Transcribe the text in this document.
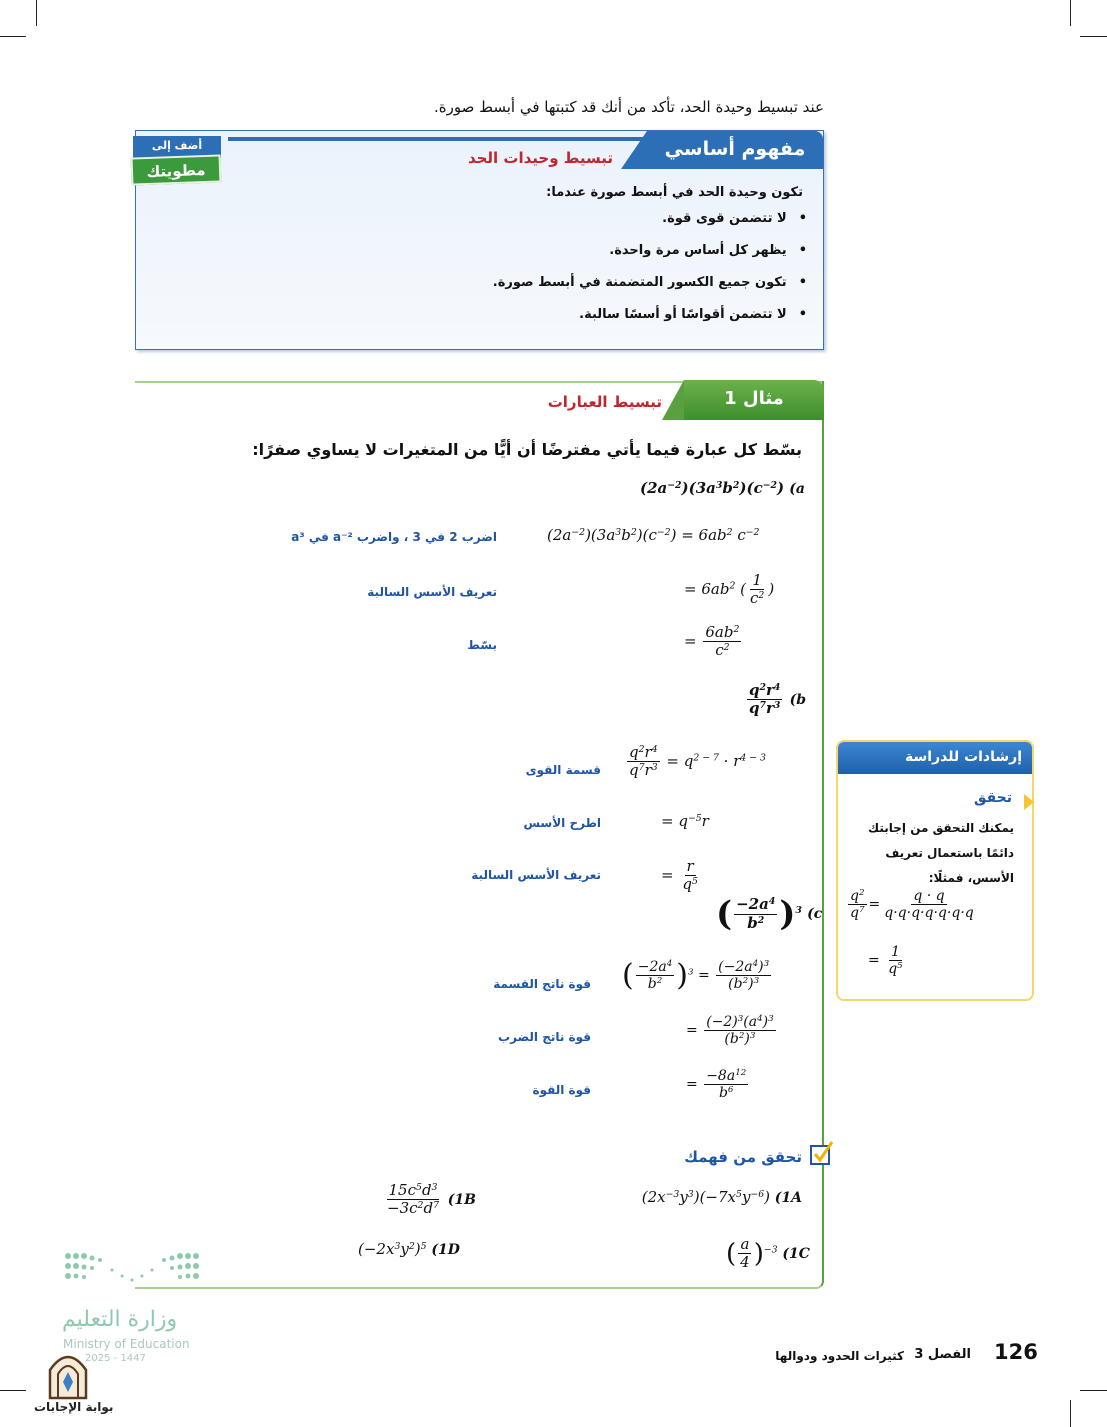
عند تبسيط وحيدة الحد، تأكد من أنك قد كتبتها في أبسط صورة.
مفهوم أساسي
تبسيط وحيدات الحد
تكون وحيدة الحد في أبسط صورة عندما:
• لا تتضمن قوى قوة.
• يظهر كل أساس مرة واحدة.
• تكون جميع الكسور المتضمنة في أبسط صورة.
• لا تتضمن أقواسًا أو أسسًا سالبة.
أضف إلى
مطويتك
مثال 1
تبسيط العبارات
بسّط كل عبارة فيما يأتي مفترضًا أن أيًّا من المتغيرات لا يساوي صفرًا:
$(2a^{-2})(3a^3b^2)(c^{-2})$ (a
$(2a^{-2})(3a^3b^2)(c^{-2}) = 6ab^2$ $c^{-2}$
اضرب 2 في 3 ، واضرب a⁻² في a³
= $6ab^2$ ( $\frac{1}{c^2}$ )
تعريف الأسس السالبة
= $\frac{6ab^2}{c^2}$
بسّط
$\frac{q^2r^4}{q^7r^3} (b$
$\frac{q^2r^4}{q^7r^3} = q^{2 - 7} \cdot r^{4 - 3}$
قسمة القوى
= $q^{-5}r$
اطرح الأسس
= $\frac{r}{q^5}$
تعريف الأسس السالبة
( $\frac{-2a^4}{b^2} )^3$ (c
( $\frac{-2a^4}{b^2} )^3 = \frac{(-2a^4)^3}{(b^2)^3}$
قوة ناتج القسمة
= $\frac{(-2)^3(a^4)^3}{(b^2)^3}$
قوة ناتج الضرب
= $\frac{-8a^{12}}{b^6}$
قوة القوة
تحقق من فهمك
$(2x^{-3}y^3)(-7x^5y^{-6})$ (1A
$\frac{15c^5d^3}{-3c^2d^7} (1B$
( $\frac{a}{4} )^{-3}$ (1C
$(-2x^3y^2)^5$ (1D
إرشادات للدراسة
تحقق
يمكنك التحقق من إجابتك دائمًا باستعمال تعريف الأسس، فمثلًا:
$\frac{q^2}{q^7} = \frac{q \cdot q}{q\cdot q\cdot q\cdot q\cdot q\cdot q\cdot q}$
= $\frac{1}{q^5}$
وزارة التعليم
Ministry of Education
2025 - 1447
بوابة الإجابات
126
الفصل 3
كثيرات الحدود ودوالها
